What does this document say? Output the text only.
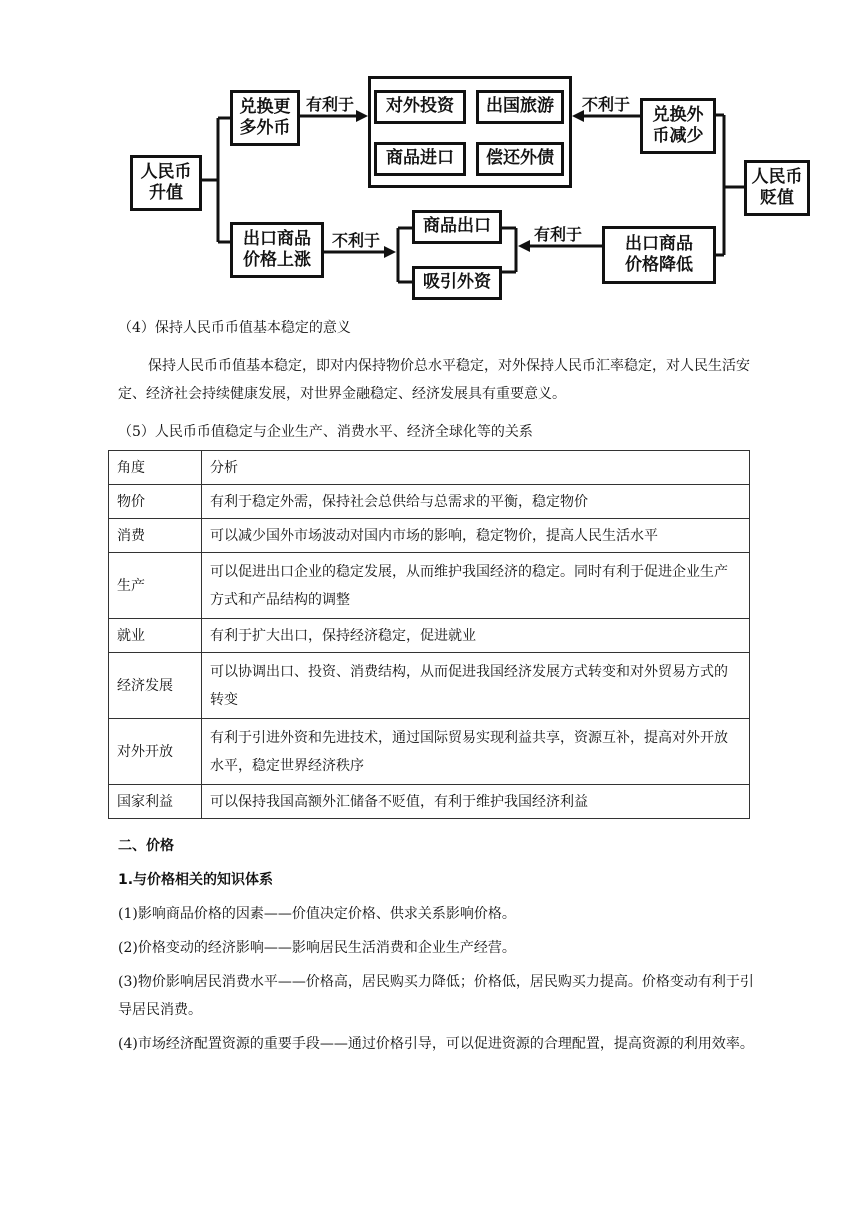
人民币
升值
兑换更
多外币
出口商品
价格上涨
有利于	不利于
不利于	有利于
对外投资	出国旅游
商品进口	偿还外债
商品出口
吸引外资
兑换外
币减少
出口商品
价格降低
人民币
贬值

（4）保持人民币币值基本稳定的意义

保持人民币币值基本稳定，即对内保持物价总水平稳定，对外保持人民币汇率稳定，对人民生活安定、经济社会持续健康发展，对世界金融稳定、经济发展具有重要意义。

（5）人民币币值稳定与企业生产、消费水平、经济全球化等的关系

角度	分析
物价	有利于稳定外需，保持社会总供给与总需求的平衡，稳定物价
消费	可以减少国外市场波动对国内市场的影响，稳定物价，提高人民生活水平
生产	可以促进出口企业的稳定发展，从而维护我国经济的稳定。同时有利于促进企业生产方式和产品结构的调整
就业	有利于扩大出口，保持经济稳定，促进就业
经济发展	可以协调出口、投资、消费结构，从而促进我国经济发展方式转变和对外贸易方式的转变
对外开放	有利于引进外资和先进技术，通过国际贸易实现利益共享，资源互补，提高对外开放水平，稳定世界经济秩序
国家利益	可以保持我国高额外汇储备不贬值，有利于维护我国经济利益

二、价格

1.与价格相关的知识体系

(1)影响商品价格的因素——价值决定价格、供求关系影响价格。

(2)价格变动的经济影响——影响居民生活消费和企业生产经营。

(3)物价影响居民消费水平——价格高，居民购买力降低；价格低，居民购买力提高。价格变动有利于引导居民消费。

(4)市场经济配置资源的重要手段——通过价格引导，可以促进资源的合理配置，提高资源的利用效率。
